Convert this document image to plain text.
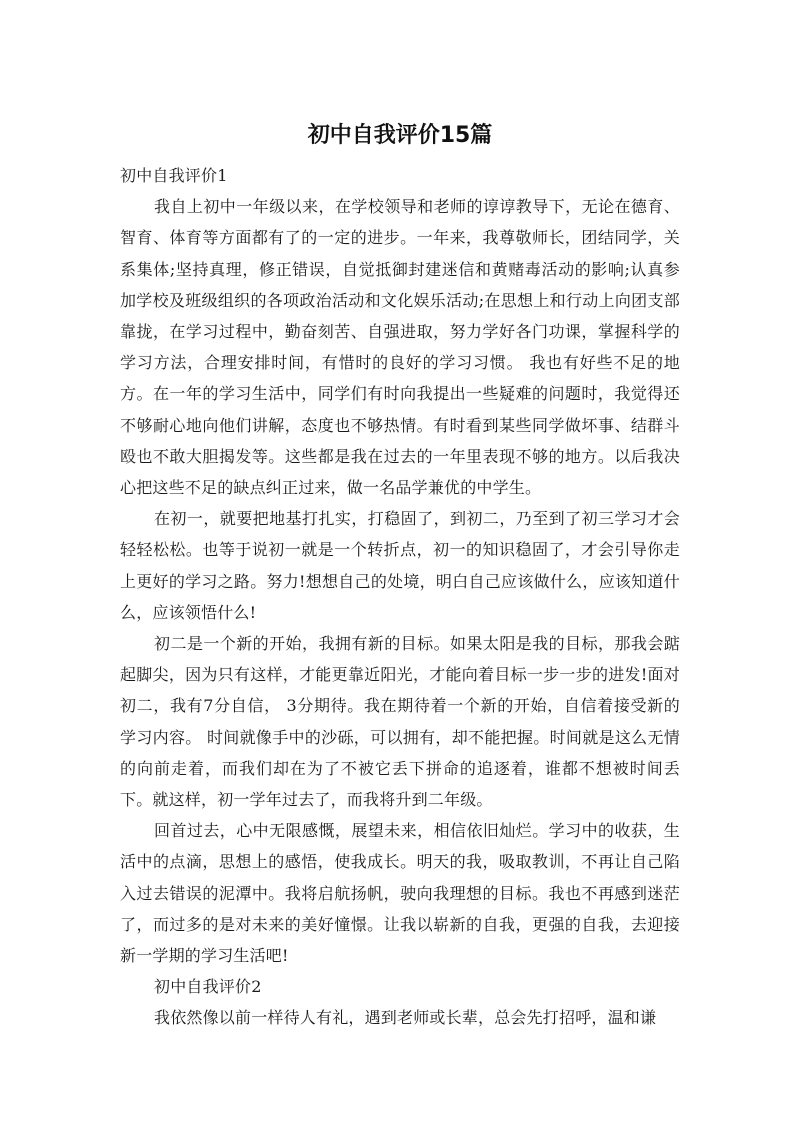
初中自我评价15篇

初中自我评价1

我自上初中一年级以来，在学校领导和老师的谆谆教导下，无论在德育、智育、体育等方面都有了的一定的进步。一年来，我尊敬师长，团结同学，关系集体;坚持真理，修正错误，自觉抵御封建迷信和黄赌毒活动的影响;认真参加学校及班级组织的各项政治活动和文化娱乐活动;在思想上和行动上向团支部靠拢，在学习过程中，勤奋刻苦、自强进取，努力学好各门功课，掌握科学的学习方法，合理安排时间，有惜时的良好的学习习惯。 我也有好些不足的地方。在一年的学习生活中，同学们有时向我提出一些疑难的问题时，我觉得还不够耐心地向他们讲解，态度也不够热情。有时看到某些同学做坏事、结群斗殴也不敢大胆揭发等。这些都是我在过去的一年里表现不够的地方。以后我决心把这些不足的缺点纠正过来，做一名品学兼优的中学生。

在初一，就要把地基打扎实，打稳固了，到初二，乃至到了初三学习才会轻轻松松。也等于说初一就是一个转折点，初一的知识稳固了，才会引导你走上更好的学习之路。努力!想想自己的处境，明白自己应该做什么，应该知道什么，应该领悟什么!

初二是一个新的开始，我拥有新的目标。如果太阳是我的目标，那我会踮起脚尖，因为只有这样，才能更靠近阳光，才能向着目标一步一步的进发!面对初二，我有7分自信， 3分期待。我在期待着一个新的开始，自信着接受新的学习内容。 时间就像手中的沙砾，可以拥有，却不能把握。时间就是这么无情的向前走着，而我们却在为了不被它丢下拼命的追逐着，谁都不想被时间丢下。就这样，初一学年过去了，而我将升到二年级。

回首过去，心中无限感慨，展望未来，相信依旧灿烂。学习中的收获，生活中的点滴，思想上的感悟，使我成长。明天的我，吸取教训，不再让自己陷入过去错误的泥潭中。我将启航扬帆，驶向我理想的目标。我也不再感到迷茫了，而过多的是对未来的美好憧憬。让我以崭新的自我，更强的自我，去迎接新一学期的学习生活吧!

初中自我评价2

我依然像以前一样待人有礼，遇到老师或长辈，总会先打招呼，温和谦
